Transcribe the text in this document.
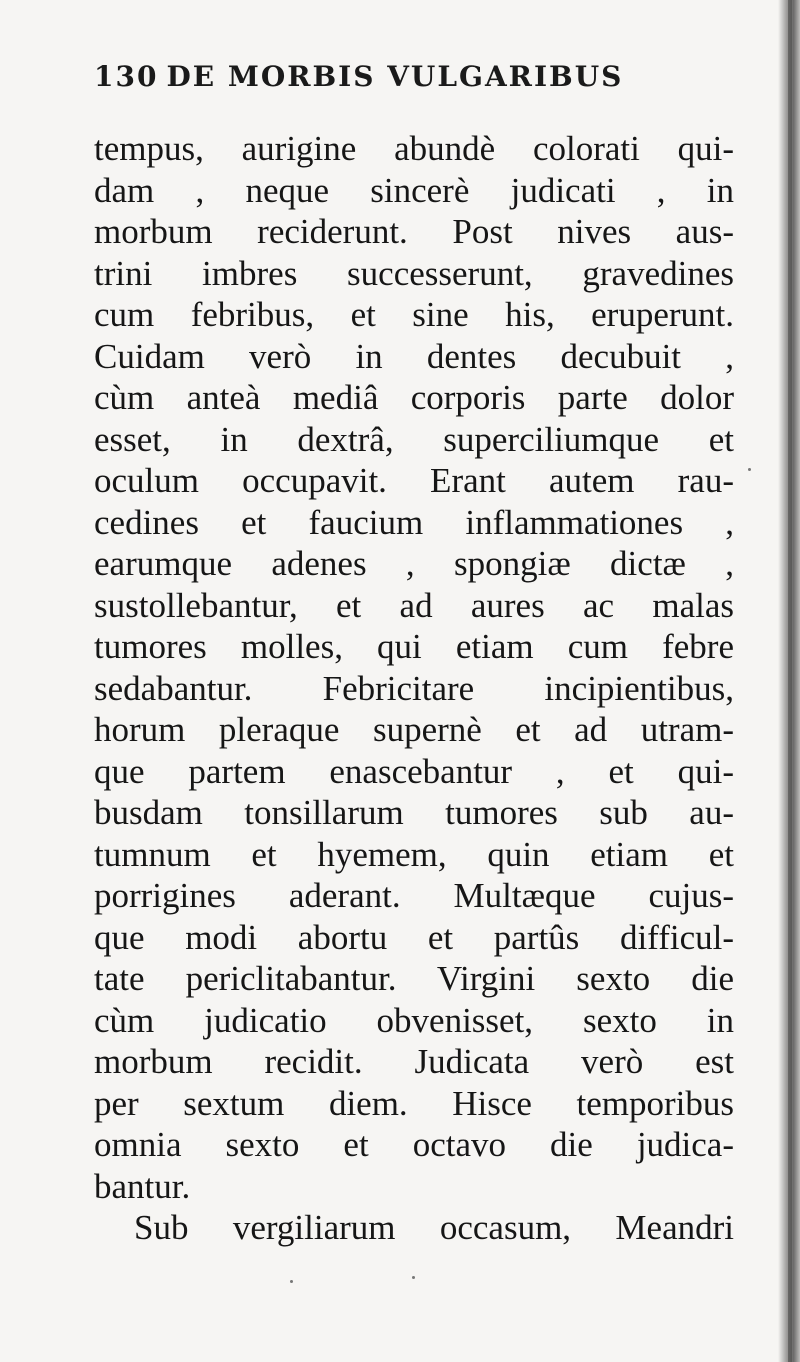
130 DE MORBIS VULGARIBUS
tempus, aurigine abundè colorati qui-
dam , neque sincerè judicati , in
morbum reciderunt. Post nives aus-
trini imbres successerunt, gravedines
cum febribus, et sine his, eruperunt.
Cuidam verò in dentes decubuit ,
cùm anteà mediâ corporis parte dolor
esset, in dextrâ, superciliumque et
oculum occupavit. Erant autem rau-
cedines et faucium inflammationes ,
earumque adenes , spongiæ dictæ ,
sustollebantur, et ad aures ac malas
tumores molles, qui etiam cum febre
sedabantur. Febricitare incipientibus,
horum pleraque supernè et ad utram-
que partem enascebantur , et qui-
busdam tonsillarum tumores sub au-
tumnum et hyemem, quin etiam et
porrigines aderant. Multæque cujus-
que modi abortu et partûs difficul-
tate periclitabantur. Virgini sexto die
cùm judicatio obvenisset, sexto in
morbum recidit. Judicata verò est
per sextum diem. Hisce temporibus
omnia sexto et octavo die judica-
bantur.
Sub vergiliarum occasum, Meandri
